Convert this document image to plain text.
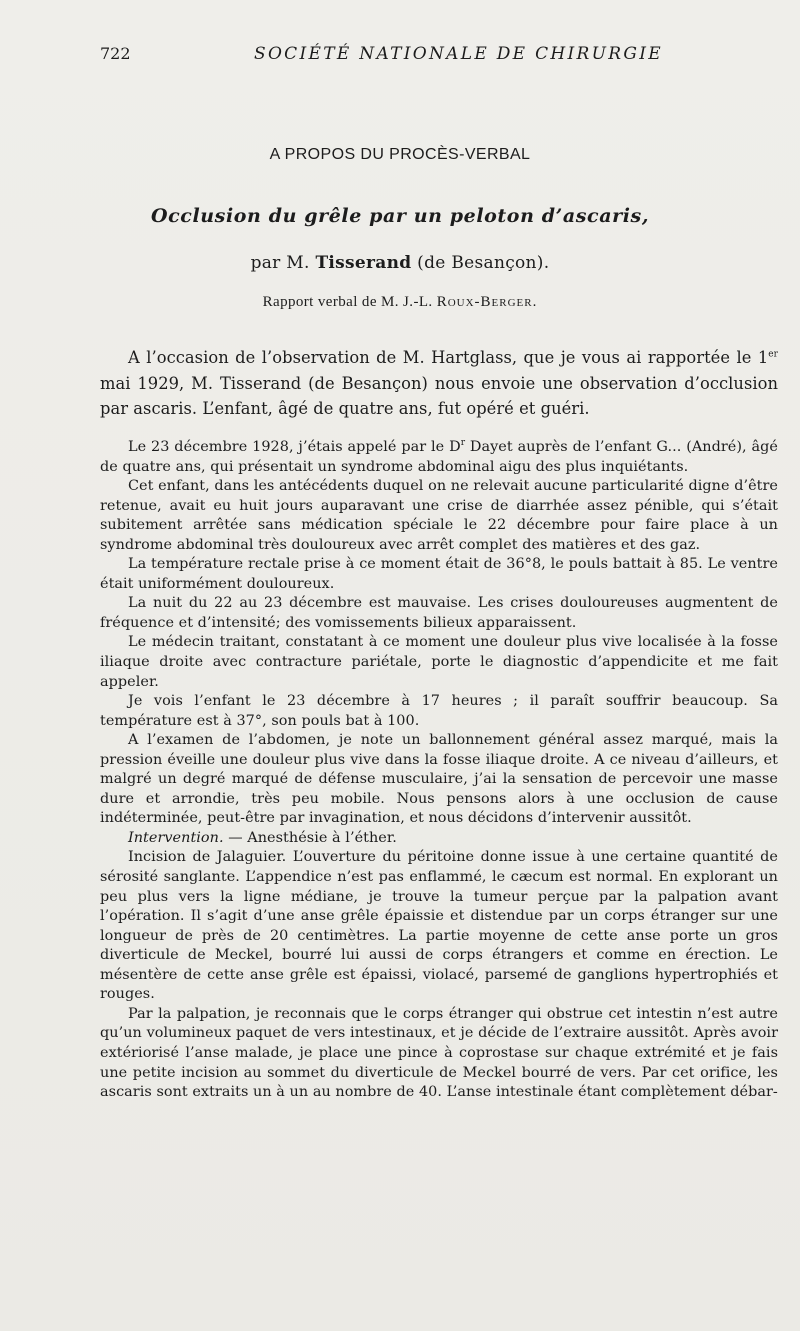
722	SOCIÉTÉ NATIONALE DE CHIRURGIE
A PROPOS DU PROCÈS-VERBAL
Occlusion du grêle par un peloton d’ascaris,
par M. Tisserand (de Besançon).
Rapport verbal de M. J.-L. Roux-Berger.

A l’occasion de l’observation de M. Hartglass, que je vous ai rapportée le 1er mai 1929, M. Tisserand (de Besançon) nous envoie une observation d’occlusion par ascaris. L’enfant, âgé de quatre ans, fut opéré et guéri.

Le 23 décembre 1928, j’étais appelé par le $D^r$ Dayet auprès de l’enfant G... (André), âgé de quatre ans, qui présentait un syndrome abdominal aigu des plus inquiétants.

Cet enfant, dans les antécédents duquel on ne relevait aucune particularité digne d’être retenue, avait eu huit jours auparavant une crise de diarrhée assez pénible, qui s’était subitement arrêtée sans médication spéciale le 22 décembre pour faire place à un syndrome abdominal très douloureux avec arrêt complet des matières et des gaz.

La température rectale prise à ce moment était de 36°8, le pouls battait à 85. Le ventre était uniformément douloureux.

La nuit du 22 au 23 décembre est mauvaise. Les crises douloureuses augmentent de fréquence et d’intensité; des vomissements bilieux apparaissent.

Le médecin traitant, constatant à ce moment une douleur plus vive localisée à la fosse iliaque droite avec contracture pariétale, porte le diagnostic d’appendicite et me fait appeler.

Je vois l’enfant le 23 décembre à 17 heures ; il paraît souffrir beaucoup. Sa température est à 37°, son pouls bat à 100.

A l’examen de l’abdomen, je note un ballonnement général assez marqué, mais la pression éveille une douleur plus vive dans la fosse iliaque droite. A ce niveau d’ailleurs, et malgré un degré marqué de défense musculaire, j’ai la sensation de percevoir une masse dure et arrondie, très peu mobile. Nous pensons alors à une occlusion de cause indéterminée, peut-être par invagination, et nous décidons d’intervenir aussitôt.

Intervention. — Anesthésie à l’éther.

Incision de Jalaguier. L’ouverture du péritoine donne issue à une certaine quantité de sérosité sanglante. L’appendice n’est pas enflammé, le cæcum est normal. En explorant un peu plus vers la ligne médiane, je trouve la tumeur perçue par la palpation avant l’opération. Il s’agit d’une anse grêle épaissie et distendue par un corps étranger sur une longueur de près de 20 centimètres. La partie moyenne de cette anse porte un gros diverticule de Meckel, bourré lui aussi de corps étrangers et comme en érection. Le mésentère de cette anse grêle est épaissi, violacé, parsemé de ganglions hypertrophiés et rouges.

Par la palpation, je reconnais que le corps étranger qui obstrue cet intestin n’est autre qu’un volumineux paquet de vers intestinaux, et je décide de l’extraire aussitôt. Après avoir extériorisé l’anse malade, je place une pince à coprostase sur chaque extrémité et je fais une petite incision au sommet du diverticule de Meckel bourré de vers. Par cet orifice, les ascaris sont extraits un à un au nombre de 40. L’anse intestinale étant complètement débar-
